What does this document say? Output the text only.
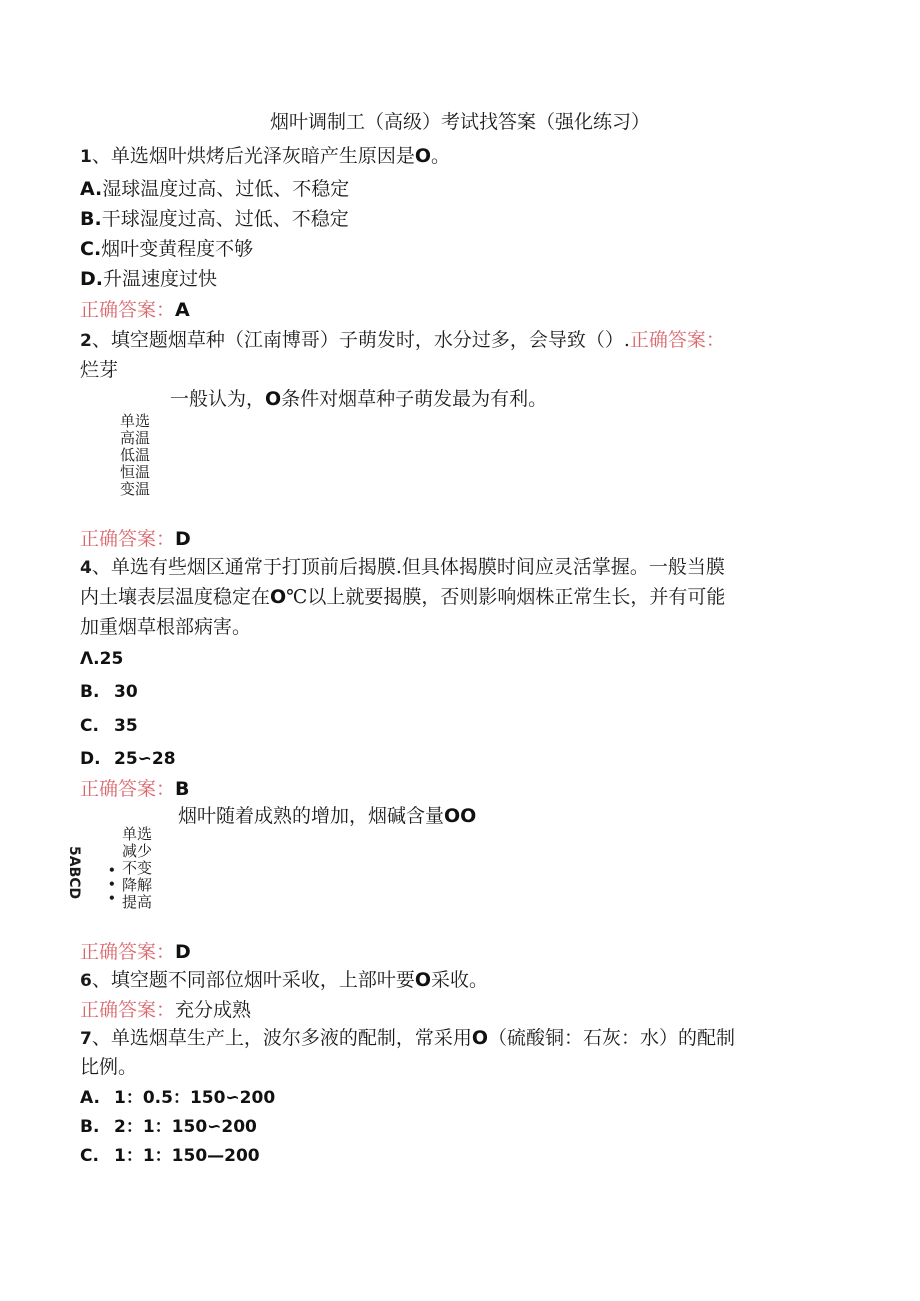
烟叶调制工（高级）考试找答案（强化练习）
1、单选烟叶烘烤后光泽灰暗产生原因是O。
A.湿球温度过高、过低、不稳定
B.干球湿度过高、过低、不稳定
C.烟叶变黄程度不够
D.升温速度过快
正确答案：A
2、填空题烟草种（江南博哥）子萌发时，水分过多，会导致（）.正确答案：
烂芽
一般认为，O条件对烟草种子萌发最为有利。
单选
高温
低温
恒温
变温
正确答案：D
4、单选有些烟区通常于打顶前后揭膜.但具体揭膜时间应灵活掌握。一般当膜
内土壤表层温度稳定在O℃以上就要揭膜，否则影响烟株正常生长，并有可能
加重烟草根部病害。
Λ.25
B. 30
C. 35
D. 25∽28
正确答案：B
烟叶随着成熟的增加，烟碱含量OO
5ABCD •
•
•
单选
减少
不变
降解
提高
正确答案：D
6、填空题不同部位烟叶采收，上部叶要O采收。
正确答案：充分成熟
7、单选烟草生产上，波尔多液的配制，常采用O（硫酸铜：石灰：水）的配制
比例。
A. 1：0.5：150∽200
B. 2：1：150∽200
C. 1：1：150—200
